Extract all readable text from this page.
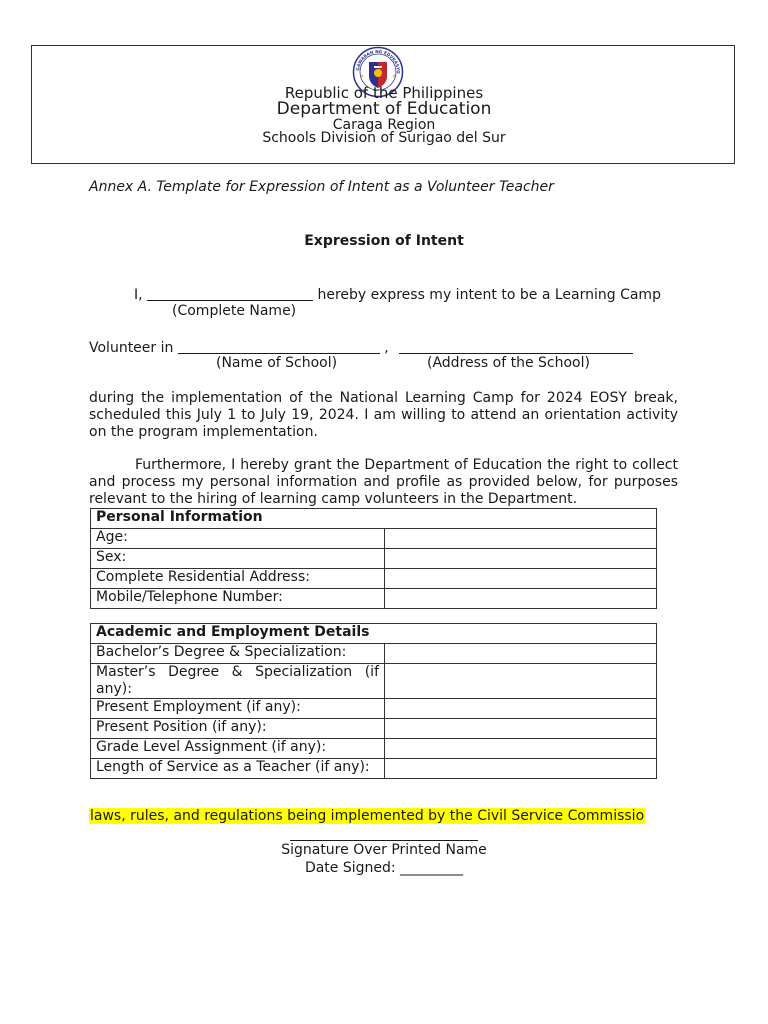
GAWARAN NG EDUKASYO
Republic of the Philippines
Department of Education
Caraga Region
Schools Division of Surigao del Sur
Annex A. Template for Expression of Intent as a Volunteer Teacher
Expression of Intent
I,	hereby express my intent to be a Learning Camp
(Complete Name)
Volunteer in	,
(Name of School)	(Address of the School)
during the implementation of the National Learning Camp for 2024 EOSY break,
scheduled this July 1 to July 19, 2024. I am willing to attend an orientation activity
on the program implementation.
Furthermore, I hereby grant the Department of Education the right to collect
and process my personal information and profile as provided below, for purposes
relevant to the hiring of learning camp volunteers in the Department.
Personal Information	
Age:	
Sex:	
Complete Residential Address:	
Mobile/Telephone Number:	
Academic and Employment Details	
Bachelor’s Degree & Specialization:	

Master’s Degree & Specialization (if
any):	
Present Employment (if any):	
Present Position (if any):	
Grade Level Assignment (if any):	
Length of Service as a Teacher (if any):	
laws, rules, and regulations being implemented by the Civil Service Commissio
Signature Over Printed Name
Date Signed: _________
